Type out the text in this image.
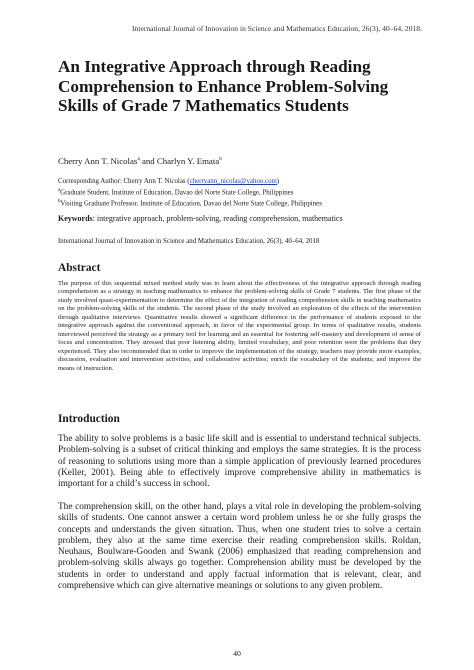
International Journal of Innovation in Science and Mathematics Education, 26(3), 40–64, 2018.
An Integrative Approach through Reading Comprehension to Enhance Problem-Solving Skills of Grade 7 Mathematics Students
Cherry Ann T. Nicolas$^a$ and Charlyn Y. Emata$^b$
Corresponding Author: Cherry Ann T. Nicolas (cherryann_nicolas@yahoo.com)
$^a$Graduate Student, Institute of Education, Davao del Norte State College, Philippines
$^b$Visiting Graduate Professor, Institute of Education, Davao del Norte State College, Philippines
Keywords: integrative approach, problem-solving, reading comprehension, mathematics
International Journal of Innovation in Science and Mathematics Education, 26(3), 40–64, 2018
Abstract

The purpose of this sequential mixed method study was to learn about the effectiveness of the integrative approach through reading comprehension as a strategy in teaching mathematics to enhance the problem-solving skills of Grade 7 students. The first phase of the study involved quasi-experimentation to determine the effect of the integration of reading comprehension skills in teaching mathematics on the problem-solving skills of the students. The second phase of the study involved an exploration of the effects of the intervention through qualitative interviews. Quantitative results showed a significant difference in the performance of students exposed to the integrative approach against the conventional approach, in favor of the experimental group. In terms of qualitative results, students interviewed perceived the strategy as a primary tool for learning and an essential for fostering self-mastery and development of sense of focus and concentration. They stressed that poor listening ability, limited vocabulary, and poor retention were the problems that they experienced. They also recommended that in order to improve the implementation of the strategy, teachers may provide more examples, discussion, evaluation and intervention activities, and collaborative activities; enrich the vocabulary of the students; and improve the means of instruction.

Introduction

The ability to solve problems is a basic life skill and is essential to understand technical subjects. Problem-solving is a subset of critical thinking and employs the same strategies. It is the process of reasoning to solutions using more than a simple application of previously learned procedures (Keller, 2001). Being able to effectively improve comprehensive ability in mathematics is important for a child’s success in school.

The comprehension skill, on the other hand, plays a vital role in developing the problem-solving skills of students. One cannot answer a certain word problem unless he or she fully grasps the concepts and understands the given situation. Thus, when one student tries to solve a certain problem, they also at the same time exercise their reading comprehension skills. Roldan, Neuhaus, Boulware-Gooden and Swank (2006) emphasized that reading comprehension and problem-solving skills always go together. Comprehension ability must be developed by the students in order to understand and apply factual information that is relevant, clear, and comprehensive which can give alternative meanings or solutions to any given problem.

40
